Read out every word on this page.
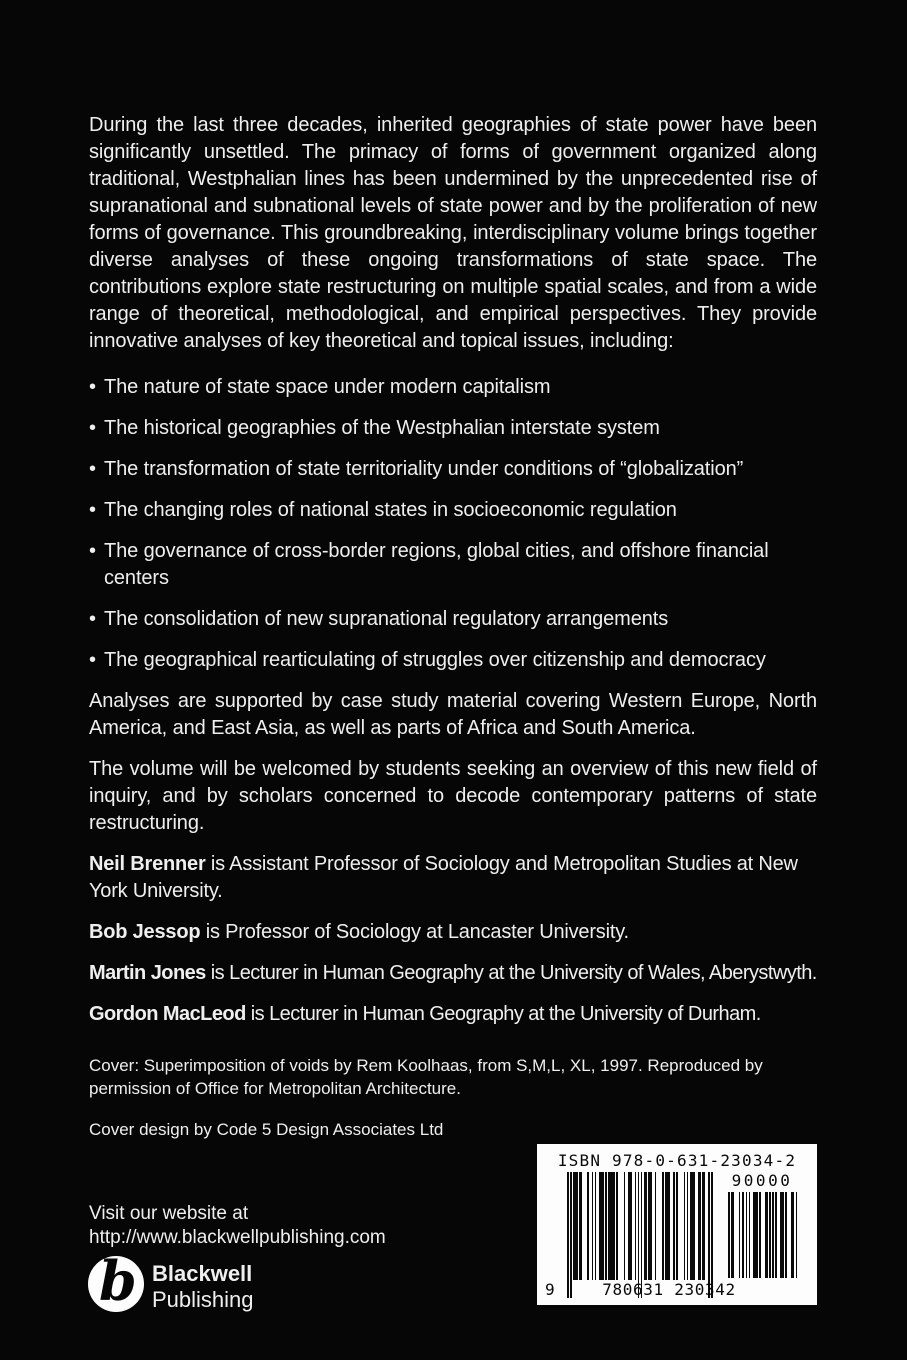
During the last three decades, inherited geographies of state power have been significantly unsettled. The primacy of forms of government organized along traditional, Westphalian lines has been undermined by the unprecedented rise of supranational and subnational levels of state power and by the proliferation of new forms of governance. This groundbreaking, interdisciplinary volume brings together diverse analyses of these ongoing transformations of state space. The contributions explore state restructuring on multiple spatial scales, and from a wide range of theoretical, methodological, and empirical perspectives. They provide innovative analyses of key theoretical and topical issues, including:

• The nature of state space under modern capitalism
• The historical geographies of the Westphalian interstate system
• The transformation of state territoriality under conditions of “globalization”
• The changing roles of national states in socioeconomic regulation
• The governance of cross-border regions, global cities, and offshore financial centers
• The consolidation of new supranational regulatory arrangements
• The geographical rearticulating of struggles over citizenship and democracy

Analyses are supported by case study material covering Western Europe, North America, and East Asia, as well as parts of Africa and South America.

The volume will be welcomed by students seeking an overview of this new field of inquiry, and by scholars concerned to decode contemporary patterns of state restructuring.

Neil Brenner is Assistant Professor of Sociology and Metropolitan Studies at New York University.

Bob Jessop is Professor of Sociology at Lancaster University.

Martin Jones is Lecturer in Human Geography at the University of Wales, Aberystwyth.

Gordon MacLeod is Lecturer in Human Geography at the University of Durham.

Cover: Superimposition of voids by Rem Koolhaas, from S,M,L, XL, 1997. Reproduced by permission of Office for Metropolitan Architecture.

Cover design by Code 5 Design Associates Ltd

Visit our website at
http://www.blackwellpublishing.com
b Blackwell
Publishing
ISBN 978-0-631-23034-2
9	780631 230342
90000
